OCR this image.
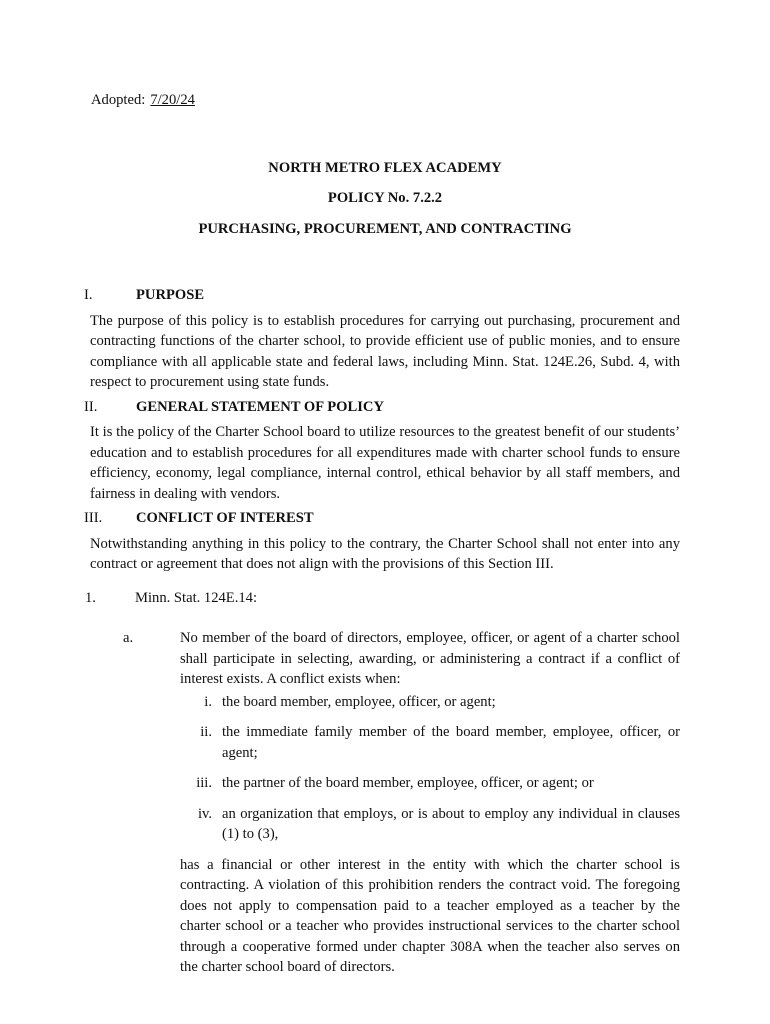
Adopted: 7/20/24

NORTH METRO FLEX ACADEMY
POLICY No. 7.2.2
PURCHASING, PROCUREMENT, AND CONTRACTING
I.	PURPOSE

The purpose of this policy is to establish procedures for carrying out purchasing, procurement and contracting functions of the charter school, to provide efficient use of public monies, and to ensure compliance with all applicable state and federal laws, including Minn. Stat. 124E.26, Subd. 4, with respect to procurement using state funds.

II.	GENERAL STATEMENT OF POLICY

It is the policy of the Charter School board to utilize resources to the greatest benefit of our students’ education and to establish procedures for all expenditures made with charter school funds to ensure efficiency, economy, legal compliance, internal control, ethical behavior by all staff members, and fairness in dealing with vendors.

III. CONFLICT OF INTEREST

Notwithstanding anything in this policy to the contrary, the Charter School shall not enter into any contract or agreement that does not align with the provisions of this Section III.

1.	Minn. Stat. 124E.14:
a.	No member of the board of directors, employee, officer, or agent of a charter school shall participate in selecting, awarding, or administering a contract if a conflict of interest exists. A conflict exists when:

i. the board member, employee, officer, or agent;

ii. the immediate family member of the board member, employee, officer, or agent;

iii. the partner of the board member, employee, officer, or agent; or

iv. an organization that employs, or is about to employ any individual in clauses (1) to (3),

has a financial or other interest in the entity with which the charter school is contracting. A violation of this prohibition renders the contract void. The foregoing does not apply to compensation paid to a teacher employed as a teacher by the charter school or a teacher who provides instructional services to the charter school through a cooperative formed under chapter 308A when the teacher also serves on the charter school board of directors.
